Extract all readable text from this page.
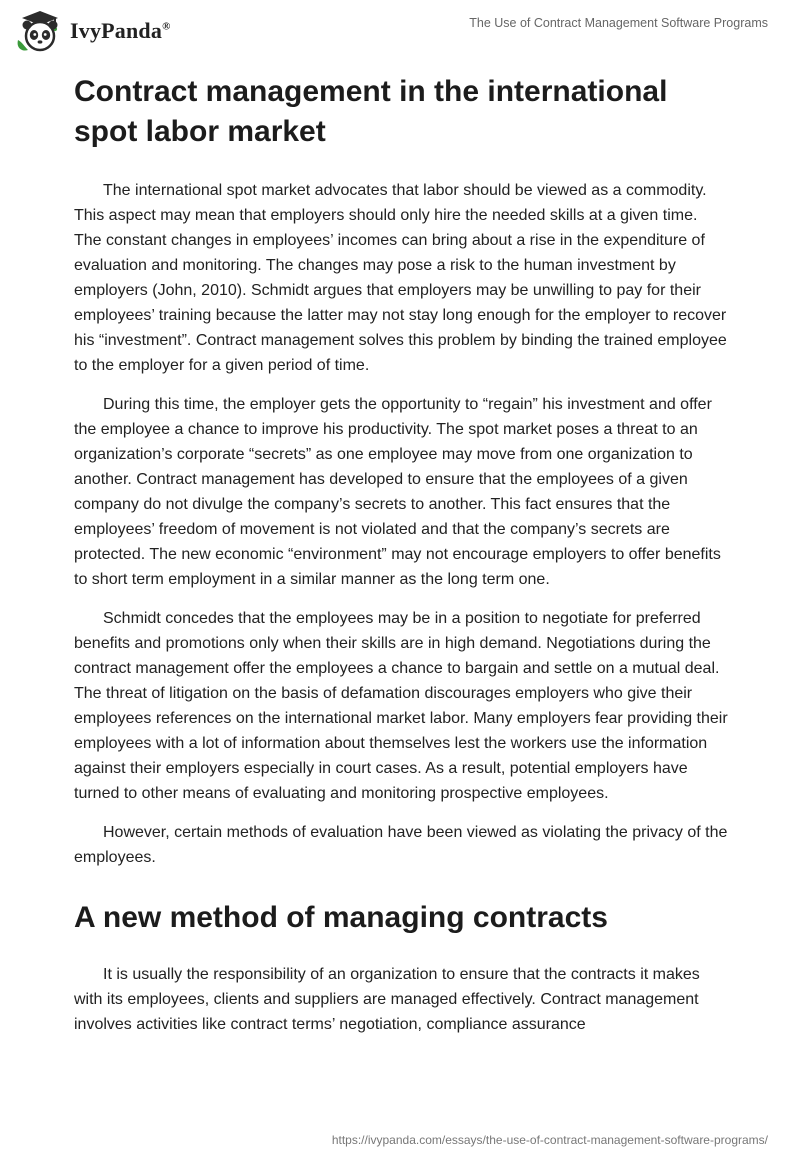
IvyPanda®	The Use of Contract Management Software Programs
Contract management in the international spot labor market

The international spot market advocates that labor should be viewed as a commodity. This aspect may mean that employers should only hire the needed skills at a given time. The constant changes in employees’ incomes can bring about a rise in the expenditure of evaluation and monitoring. The changes may pose a risk to the human investment by employers (John, 2010). Schmidt argues that employers may be unwilling to pay for their employees’ training because the latter may not stay long enough for the employer to recover his “investment”. Contract management solves this problem by binding the trained employee to the employer for a given period of time.

During this time, the employer gets the opportunity to “regain” his investment and offer the employee a chance to improve his productivity. The spot market poses a threat to an organization’s corporate “secrets” as one employee may move from one organization to another. Contract management has developed to ensure that the employees of a given company do not divulge the company’s secrets to another. This fact ensures that the employees’ freedom of movement is not violated and that the company’s secrets are protected. The new economic “environment” may not encourage employers to offer benefits to short term employment in a similar manner as the long term one.

Schmidt concedes that the employees may be in a position to negotiate for preferred benefits and promotions only when their skills are in high demand. Negotiations during the contract management offer the employees a chance to bargain and settle on a mutual deal. The threat of litigation on the basis of defamation discourages employers who give their employees references on the international market labor. Many employers fear providing their employees with a lot of information about themselves lest the workers use the information against their employers especially in court cases. As a result, potential employers have turned to other means of evaluating and monitoring prospective employees.

However, certain methods of evaluation have been viewed as violating the privacy of the employees.

A new method of managing contracts

It is usually the responsibility of an organization to ensure that the contracts it makes with its employees, clients and suppliers are managed effectively. Contract management involves activities like contract terms’ negotiation, compliance assurance

https://ivypanda.com/essays/the-use-of-contract-management-software-programs/
